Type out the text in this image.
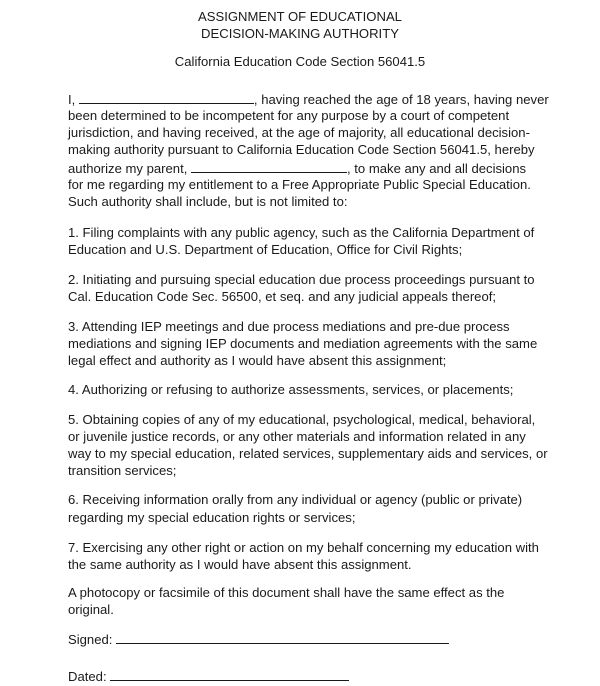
ASSIGNMENT OF EDUCATIONAL
DECISION-MAKING AUTHORITY
California Education Code Section 56041.5
I,	, having reached the age of 18 years, having never
been determined to be incompetent for any purpose by a court of competent
jurisdiction, and having received, at the age of majority, all educational decision-
making authority pursuant to California Education Code Section 56041.5, hereby
authorize my parent,	, to make any and all decisions
for me regarding my entitlement to a Free Appropriate Public Special Education.
Such authority shall include, but is not limited to:
1. Filing complaints with any public agency, such as the California Department of
Education and U.S. Department of Education, Office for Civil Rights;
2. Initiating and pursuing special education due process proceedings pursuant to
Cal. Education Code Sec. 56500, et seq. and any judicial appeals thereof;
3. Attending IEP meetings and due process mediations and pre-due process
mediations and signing IEP documents and mediation agreements with the same
legal effect and authority as I would have absent this assignment;
4. Authorizing or refusing to authorize assessments, services, or placements;
5. Obtaining copies of any of my educational, psychological, medical, behavioral,
or juvenile justice records, or any other materials and information related in any
way to my special education, related services, supplementary aids and services, or
transition services;
6. Receiving information orally from any individual or agency (public or private)
regarding my special education rights or services;
7. Exercising any other right or action on my behalf concerning my education with
the same authority as I would have absent this assignment.
A photocopy or facsimile of this document shall have the same effect as the
original.
Signed:
Dated:
